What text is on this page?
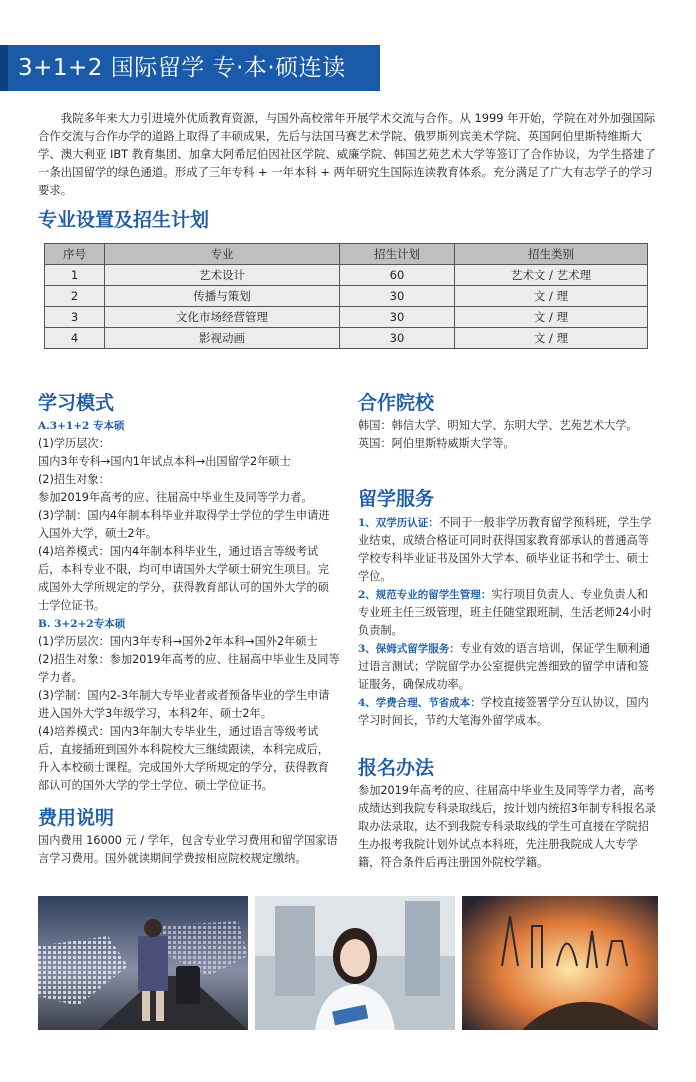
3+1+2 国际留学 专·本·硕连读

我院多年来大力引进境外优质教育资源，与国外高校常年开展学术交流与合作。从 1999 年开始，学院在对外加强国际合作交流与合作办学的道路上取得了丰硕成果，先后与法国马赛艺术学院、俄罗斯列宾美术学院、英国阿伯里斯特维斯大学、澳大利亚 IBT 教育集团、加拿大阿希尼伯因社区学院、威廉学院、韩国艺苑艺术大学等签订了合作协议，为学生搭建了一条出国留学的绿色通道。形成了三年专科 + 一年本科 + 两年研究生国际连读教育体系。充分满足了广大有志学子的学习要求。

专业设置及招生计划
序号	专业	招生计划	招生类别
1	艺术设计	60	艺术文 / 艺术理
2	传播与策划	30	文 / 理
3	文化市场经营管理	30	文 / 理
4	影视动画	30	文 / 理
学习模式

A.3+1+2 专本硕

(1)学历层次：

国内3年专科→国内1年试点本科→出国留学2年硕士

(2)招生对象：

参加2019年高考的应、往届高中毕业生及同等学力者。

(3)学制：国内4年制本科毕业并取得学士学位的学生申请进入国外大学，硕士2年。

(4)培养模式：国内4年制本科毕业生，通过语言等级考试后，本科专业不限，均可申请国外大学硕士研究生项目。完成国外大学所规定的学分，获得教育部认可的国外大学的硕士学位证书。

B. 3+2+2专本硕

(1)学历层次：国内3年专科→国外2年本科→国外2年硕士

(2)招生对象：参加2019年高考的应、往届高中毕业生及同等学力者。

(3)学制：国内2-3年制大专毕业者或者预备毕业的学生申请进入国外大学3年级学习，本科2年、硕士2年。

(4)培养模式：国内3年制大专毕业生，通过语言等级考试后，直接插班到国外本科院校大三继续跟读，本科完成后，升入本校硕士课程。完成国外大学所规定的学分，获得教育部认可的国外大学的学士学位、硕士学位证书。

费用说明

国内费用 16000 元 / 学年，包含专业学习费用和留学国家语言学习费用。国外就读期间学费按相应院校规定缴纳。

合作院校

韩国：韩信大学、明知大学、东明大学、艺苑艺术大学。

英国：阿伯里斯特威斯大学等。

留学服务

1、双学历认证：不同于一般非学历教育留学预科班，学生学业结束，成绩合格证可同时获得国家教育部承认的普通高等学校专科毕业证书及国外大学本、硕毕业证书和学士、硕士学位。

2、规范专业的留学生管理：实行项目负责人、专业负责人和专业班主任三级管理，班主任随堂跟班制，生活老师24小时负责制。

3、保姆式留学服务：专业有效的语言培训，保证学生顺利通过语言测试；学院留学办公室提供完善细致的留学申请和签证服务，确保成功率。

4、学费合理、节省成本：学校直接签署学分互认协议，国内学习时间长，节约大笔海外留学成本。

报名办法

参加2019年高考的应、往届高中毕业生及同等学力者，高考成绩达到我院专科录取线后，按计划内统招3年制专科报名录取办法录取，达不到我院专科录取线的学生可直接在学院招生办报考我院计划外试点本科班，先注册我院成人大专学籍，符合条件后再注册国外院校学籍。
